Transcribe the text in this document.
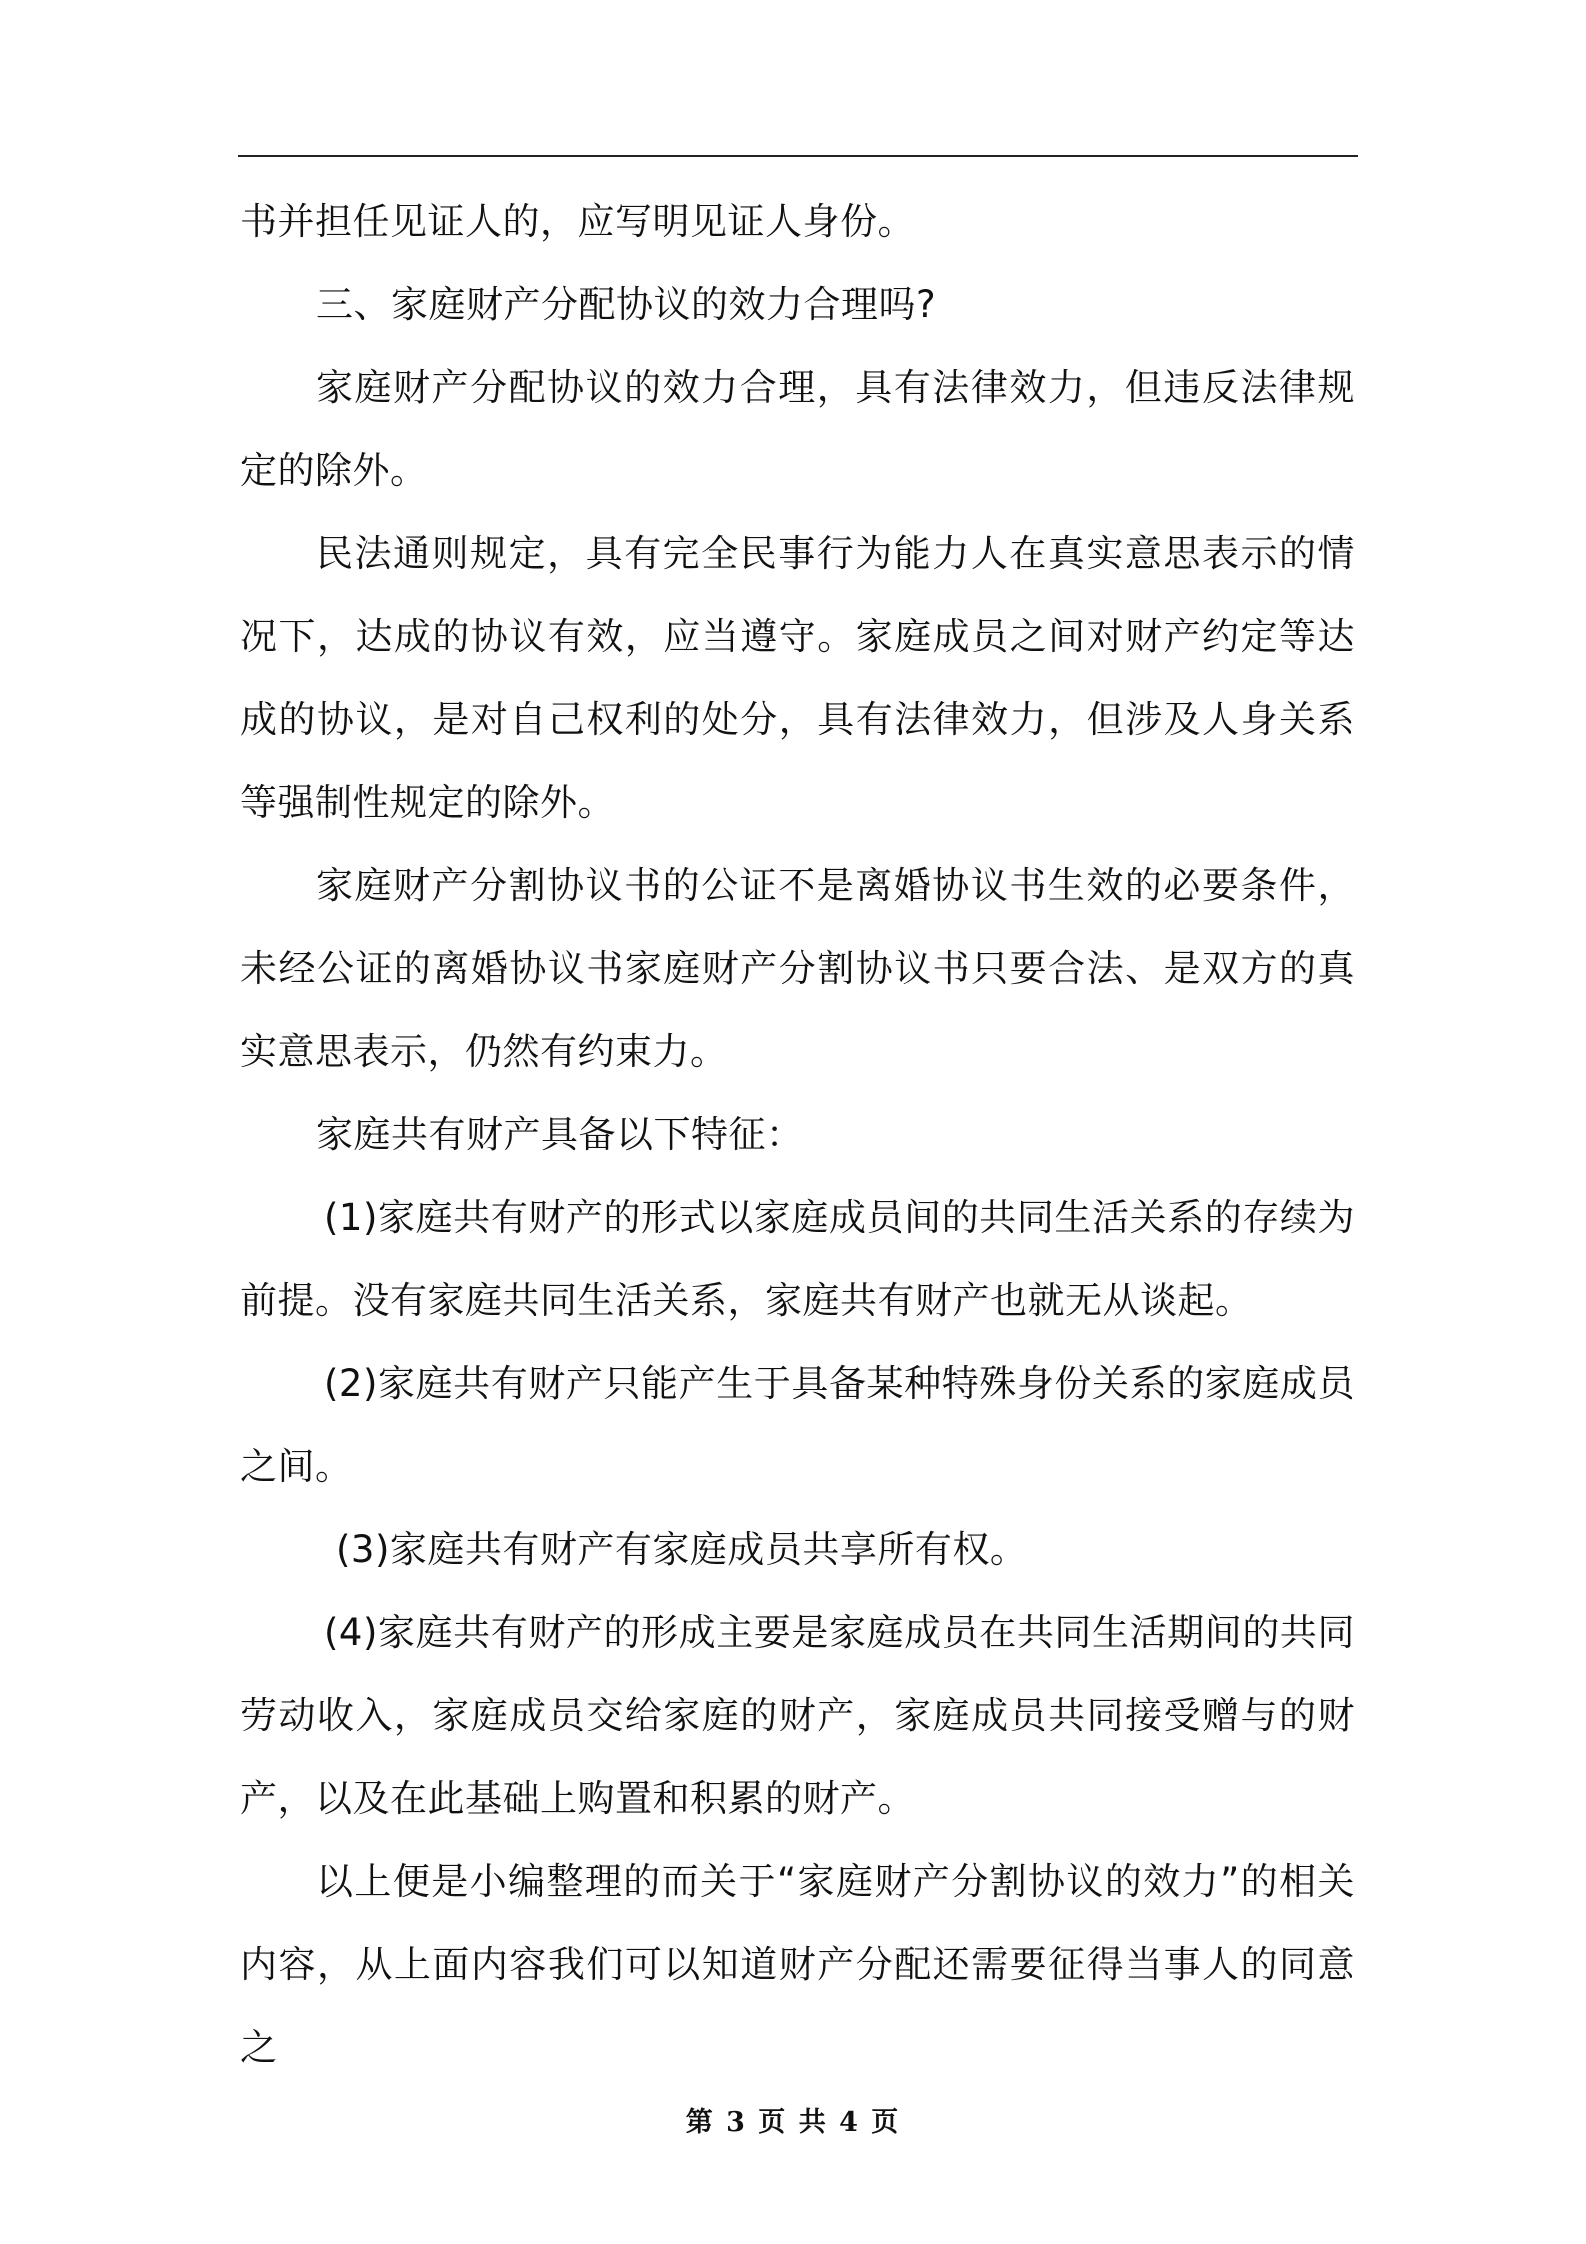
书并担任见证人的，应写明见证人身份。

三、家庭财产分配协议的效力合理吗?

家庭财产分配协议的效力合理，具有法律效力，但违反法律规定的除外。

民法通则规定，具有完全民事行为能力人在真实意思表示的情况下，达成的协议有效，应当遵守。家庭成员之间对财产约定等达成的协议，是对自己权利的处分，具有法律效力，但涉及人身关系等强制性规定的除外。

家庭财产分割协议书的公证不是离婚协议书生效的必要条件，未经公证的离婚协议书家庭财产分割协议书只要合法、是双方的真实意思表示，仍然有约束力。

家庭共有财产具备以下特征：

(1)家庭共有财产的形式以家庭成员间的共同生活关系的存续为前提。没有家庭共同生活关系，家庭共有财产也就无从谈起。

(2)家庭共有财产只能产生于具备某种特殊身份关系的家庭成员之间。

(3)家庭共有财产有家庭成员共享所有权。

(4)家庭共有财产的形成主要是家庭成员在共同生活期间的共同劳动收入，家庭成员交给家庭的财产，家庭成员共同接受赠与的财产，以及在此基础上购置和积累的财产。

以上便是小编整理的而关于“家庭财产分割协议的效力”的相关内容，从上面内容我们可以知道财产分配还需要征得当事人的同意之

第 3 页 共 4 页
